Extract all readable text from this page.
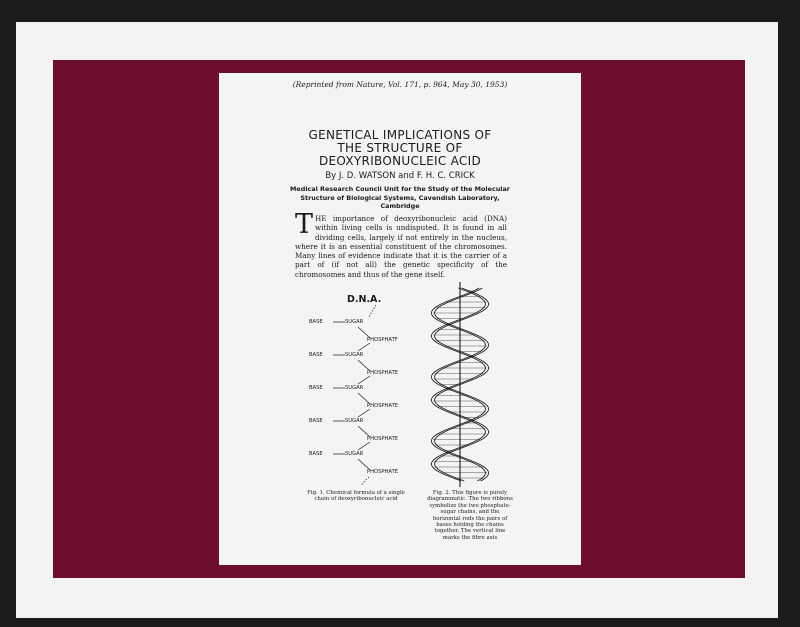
(Reprinted from Nature, Vol. 171, p. 964, May 30, 1953)
GENETICAL IMPLICATIONS OF
THE STRUCTURE OF
DEOXYRIBONUCLEIC ACID
By J. D. WATSON and F. H. C. CRICK
Medical Research Council Unit for the Study of the Molecular Structure of Biological Systems, Cavendish Laboratory, Cambridge
THE importance of deoxyribonucleic acid (DNA) within living cells is undisputed. It is found in all dividing cells, largely if not entirely in the nucleus, where it is an essential constituent of the chromosomes. Many lines of evidence indicate that it is the carrier of a part of (if not all) the genetic specificity of the chromosomes and thus of the gene itself.
D.N.A.
BASE	SUGAR
PHOSPHATF
BASE	SUGAR
PHOSPHATE
BASE	SUGAR
PHOSPHATE
BASE	SUGAR
PHOSPHATE
BASE	SUGAR
PHOSPHATE
Fig. 1. Chemical formula of a single chain of deoxyribonucleic acid
Fig. 2. This figure is purely diagrammatic. The two ribbons symbolize the two phosphate-sugar chains, and the horizontal rods the pairs of bases holding the chains together. The vertical line marks the fibre axis
